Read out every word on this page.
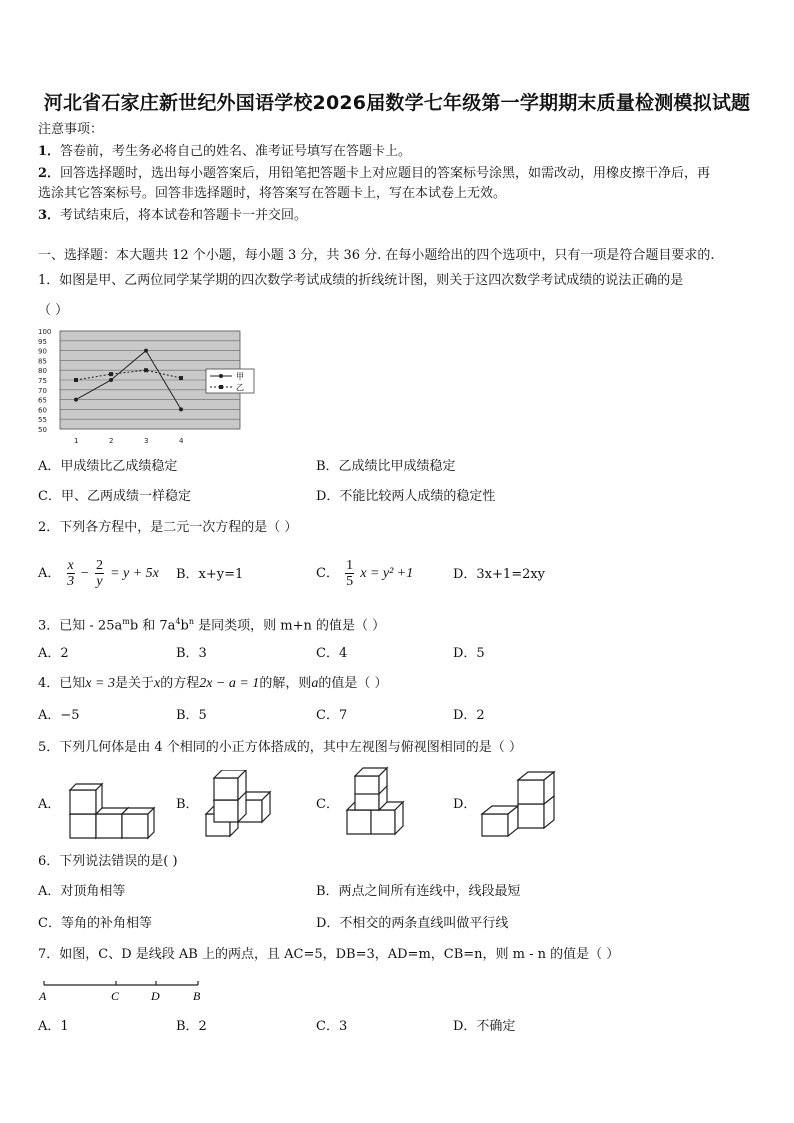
河北省石家庄新世纪外国语学校2026届数学七年级第一学期期末质量检测模拟试题
注意事项：
1．答卷前，考生务必将自己的姓名、准考证号填写在答题卡上。
2．回答选择题时，选出每小题答案后，用铅笔把答题卡上对应题目的答案标号涂黑，如需改动，用橡皮擦干净后，再
选涂其它答案标号。回答非选择题时，将答案写在答题卡上，写在本试卷上无效。
3．考试结束后，将本试卷和答题卡一并交回。
一、选择题：本大题共 12 个小题，每小题 3 分，共 36 分. 在每小题给出的四个选项中，只有一项是符合题目要求的.
1．如图是甲、乙两位同学某学期的四次数学考试成绩的折线统计图，则关于这四次数学考试成绩的说法正确的是
（ ）
100
95
90
85
80
75
70
65
60
55
50
1	2	3	4
甲
乙
A．甲成绩比乙成绩稳定	B．乙成绩比甲成绩稳定
C．甲、乙两成绩一样稳定	D．不能比较两人成绩的稳定性
2．下列各方程中，是二元一次方程的是（ ）
A． $\frac{x}{3} - \frac{2}{y} = y + 5x$ B．x+y=1	C． $\frac{1}{5}$ x = y² +1	D．3x+1=2xy
3．已知 - $25a^mb$ 和 $7a^4b^n$ 是同类项，则 m+n 的值是（ ）
A．2	B．3	C．4	D．5
4．已知x = 3是关于x的方程2x − a = 1的解，则a的值是（ ）
A．−5	B．5	C．7	D．2
5．下列几何体是由 4 个相同的小正方体搭成的，其中左视图与俯视图相同的是（ ）
A．	B．	C．	D．
6．下列说法错误的是( )
A．对顶角相等	B．两点之间所有连线中，线段最短
C．等角的补角相等	D．不相交的两条直线叫做平行线
7．如图，C、D 是线段 AB 上的两点，且 AC=5，DB=3，AD=m，CB=n，则 m - n 的值是（ ）
A	C	D	B
A．1	B．2	C．3	D．不确定
